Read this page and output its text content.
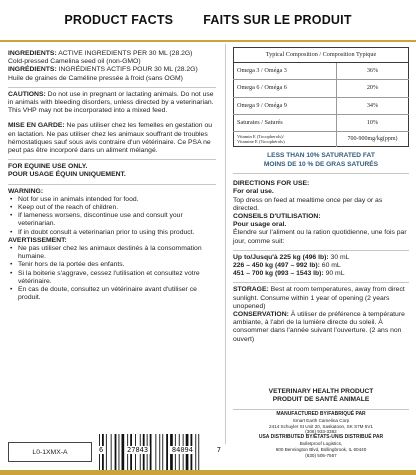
PRODUCT FACTS FAITS SUR LE PRODUIT
INGREDIENTS: ACTIVE INGREDIENTS PER 30 ML (28.2G)
Cold-pressed Camelina seed oil (non-GMO)
INGRÉDIENTS: INGRÉDIENTS ACTIFS POUR 30 ML (28.2G)
Huile de graines de Caméline pressée à froid (sans OGM)
CAUTIONS: Do not use in pregnant or lactating animals. Do not use in animals with bleeding disorders, unless directed by a veterinarian. This VHP may not be incorporated into a mixed feed.
MISE EN GARDE: Ne pas utiliser chez les femelles en gestation ou en lactation. Ne pas utiliser chez les animaux souffrant de troubles hémostatiques sauf sous avis contraire d'un vétérinaire. Ce PSA ne peut pas être incorporé dans un aliment mélangé.
FOR EQUINE USE ONLY.
POUR USAGE ÉQUIN UNIQUEMENT.
WARNING:
• Not for use in animals intended for food.
• Keep out of the reach of children.
• If lameness worsens, discontinue use and consult your veterinarian.
• If in doubt consult a veterinarian prior to using this product.
AVERTISSEMENT:
• Ne pas utiliser chez les animaux destinés à la consommation humaine.
• Tenir hors de la portée des enfants.
• Si la boiterie s'aggrave, cessez l'utilisation et consultez votre vétérinaire.
• En cas de doute, consultez un vétérinaire avant d'utiliser ce produit.
Typical Composition / Composition Typique	
Omega 3 / Oméga 3	36%
Omega 6 / Oméga 6	20%
Omega 9 / Oméga 9	34%
Saturates / Saturés	10%

Vitamin E (Tocopherols)/
Vitamine E (Tocophérols)	700-900mg/kg(ppm)
LESS THAN 10% SATURATED FAT
MOINS DE 10 % DE GRAS SATURÉS
DIRECTIONS FOR USE:
For oral use.
Top dress on feed at mealtime once per day or as directed.
CONSEILS D'UTILISATION:
Pour usage oral.
Étendre sur l'aliment ou la ration quotidienne, une fois par jour, comme suit:
Up to/Jusqu'à 225 kg (496 lb): 30 mL
226 – 450 kg (497 – 992 lb): 60 mL
451 – 700 kg (993 – 1543 lb): 90 mL
STORAGE: Best at room temperatures, away from direct sunlight. Consume within 1 year of opening (2 years unopened)
CONSERVATION: À utiliser de préférence à température ambiante, à l'abri de la lumière directe du soleil. À consommer dans l'année suivant l'ouverture. (2 ans non ouvert)
VETERINARY HEALTH PRODUCT
PRODUIT DE SANTÉ ANIMALE
MANUFACTURED BY/FABRIQUÉ PAR
Smart Earth Camelina Corp
2414 Schuyler St Unit 20, Saskatoon, SK S7M 5V1
(306) 933-3382
USA DISTRIBUTED BY/ÉTATS-UNIS DISTRIBUÉ PAR
Bulletproof Logistics,
600 Bennington Blvd, Bollingbrook, IL 60440
(630) 505-7567
L0-1XMX-A	6	27843	84094	7
